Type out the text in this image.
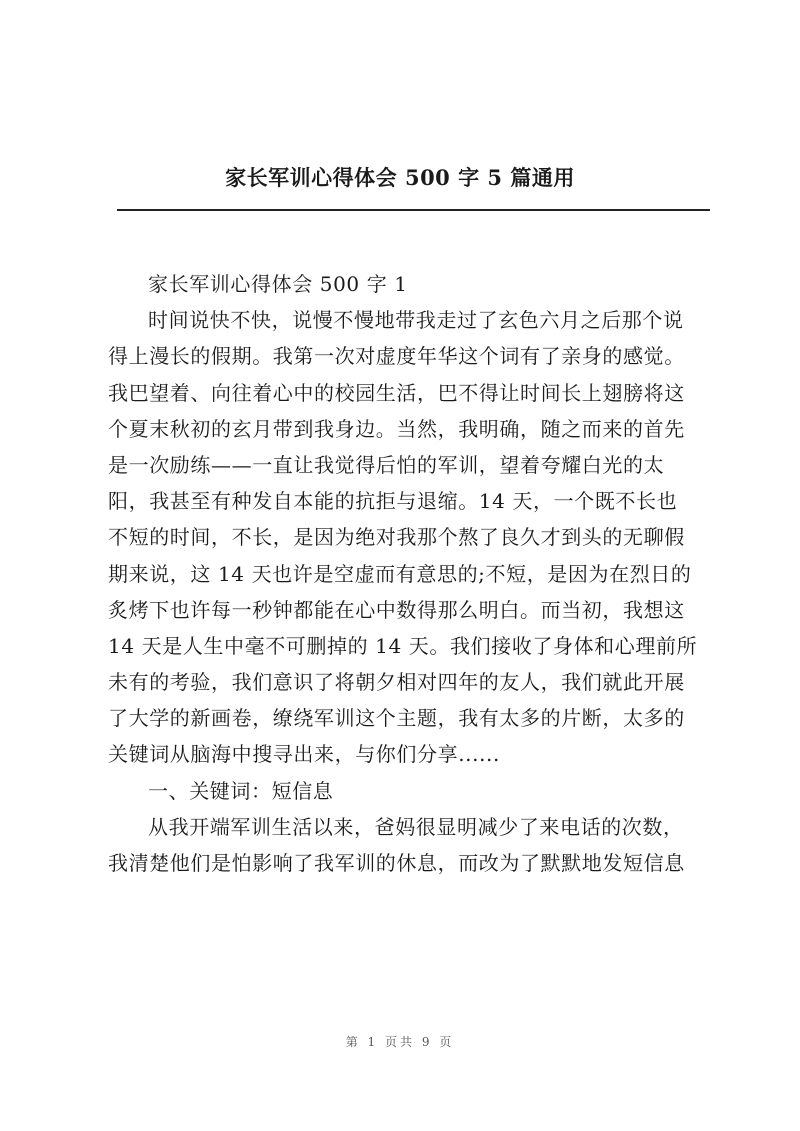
家长军训心得体会 500 字 5 篇通用
家长军训心得体会 500 字 1
时间说快不快，说慢不慢地带我走过了玄色六月之后那个说
得上漫长的假期。我第一次对虚度年华这个词有了亲身的感觉。
我巴望着、向往着心中的校园生活，巴不得让时间长上翅膀将这
个夏末秋初的玄月带到我身边。当然，我明确，随之而来的首先
是一次励练——一直让我觉得后怕的军训，望着夸耀白光的太
阳，我甚至有种发自本能的抗拒与退缩。14 天，一个既不长也
不短的时间，不长，是因为绝对我那个熬了良久才到头的无聊假
期来说，这 14 天也许是空虚而有意思的;不短，是因为在烈日的
炙烤下也许每一秒钟都能在心中数得那么明白。而当初，我想这
14 天是人生中毫不可删掉的 14 天。我们接收了身体和心理前所
未有的考验，我们意识了将朝夕相对四年的友人，我们就此开展
了大学的新画卷，缭绕军训这个主题，我有太多的片断，太多的
关键词从脑海中搜寻出来，与你们分享......
一、关键词：短信息
从我开端军训生活以来，爸妈很显明减少了来电话的次数，
我清楚他们是怕影响了我军训的休息，而改为了默默地发短信息
第 1 页共 9 页
